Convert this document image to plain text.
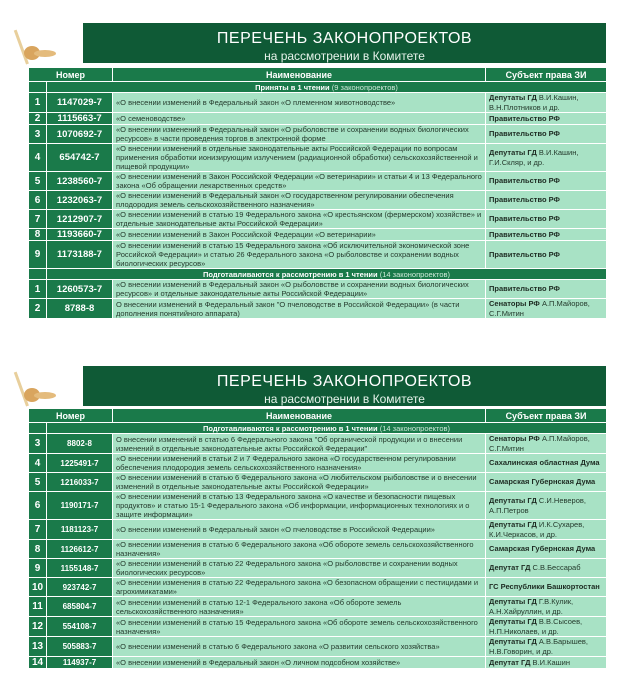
ПЕРЕЧЕНЬ ЗАКОНОПРОЕКТОВ
на рассмотрении в Комитете
Номер		Наименование	Субъект права ЗИ
	Приняты в 1 чтении (9 законопроектов)		
1	1147029-7	«О внесении изменений в Федеральный закон «О племенном животноводстве»	Депутаты ГД В.И.Кашин, В.Н.Плотников и др.
2	1115663-7	«О семеноводстве»	Правительство РФ
3	1070692-7	«О внесении изменений в Федеральный закон «О рыболовстве и сохранении водных биологических ресурсов» в части проведения торгов в электронной форме	Правительство РФ
4	654742-7	«О внесении изменений в отдельные законодательные акты Российской Федерации по вопросам применения обработки ионизирующим излучением (радиационной обработки) сельскохозяйственной и пищевой продукции»	Депутаты ГД В.И.Кашин, Г.И.Скляр, и др.
5	1238560-7	«О внесении изменений в Закон Российской Федерации «О ветеринарии» и статьи 4 и 13 Федерального закона «Об обращении лекарственных средств»	Правительство РФ
6	1232063-7	«О внесении изменений в Федеральный закон «О государственном регулировании обеспечения плодородия земель сельскохозяйственного назначения»	Правительство РФ
7	1212907-7	«О внесении изменений в статью 19 Федерального закона «О крестьянском (фермерском) хозяйстве» и отдельные законодательные акты Российской Федерации»	Правительство РФ
8	1193660-7	«О внесении изменений в Закон Российской Федерации «О ветеринарии»	Правительство РФ
9	1173188-7	«О внесении изменений в статью 15 Федерального закона «Об исключительной экономической зоне Российской Федерации» и статью 26 Федерального закона «О рыболовстве и сохранении водных биологических ресурсов»	Правительство РФ
	Подготавливаются к рассмотрению в 1 чтении (14 законопроектов)		
1	1260573-7	«О внесении изменений в Федеральный закон «О рыболовстве и сохранении водных биологических ресурсов» и отдельные законодательные акты Российской Федерации»	Правительство РФ
2	8788-8	О внесении изменений в Федеральный закон "О пчеловодстве в Российской Федерации» (в части дополнения понятийного аппарата)	Сенаторы РФ А.П.Майоров, С.Г.Митин
ПЕРЕЧЕНЬ ЗАКОНОПРОЕКТОВ
на рассмотрении в Комитете
Номер		Наименование	Субъект права ЗИ
	Подготавливаются к рассмотрению в 1 чтении (14 законопроектов)		
3	8802-8	О внесении изменений в статью 6 Федерального закона "Об органической продукции и о внесении изменений в отдельные законодательные акты Российской Федерации"	Сенаторы РФ А.П.Майоров, С.Г.Митин
4	1225491-7	«О внесении изменений в статьи 2 и 7 Федерального закона «О государственном регулировании обеспечения плодородия земель сельскохозяйственного назначения»	Сахалинская областная Дума
5	1216033-7	«О внесении изменений в статью 6 Федерального закона «О любительском рыболовстве и о внесении изменений в отдельные законодательные акты Российской Федерации»	Самарская Губернская Дума
6	1190171-7	«О внесении изменений в статью 13 Федерального закона «О качестве и безопасности пищевых продуктов» и статью 15-1 Федерального закона «Об информации, информационных технологиях и о защите информации»	Депутаты ГД С.И.Неверов, А.П.Петров
7	1181123-7	«О внесении изменений в Федеральный закон «О пчеловодстве в Российской Федерации»	Депутаты ГД И.К.Сухарев, К.И.Черкасов, и др.
8	1126612-7	«О внесении изменения в статью 6 Федерального закона «Об обороте земель сельскохозяйственного назначения»	Самарская Губернская Дума
9	1155148-7	«О внесении изменений в статью 22 Федерального закона «О рыболовстве и сохранении водных биологических ресурсов»	Депутат ГД С.В.Бессараб
10	923742-7	«О внесении изменения в статью 22 Федерального закона «О безопасном обращении с пестицидами и агрохимикатами»	ГС Республики Башкортостан
11	685804-7	«О внесении изменений в статью 12-1 Федерального закона «Об обороте земель сельскохозяйственного назначения»	Депутаты ГД Г.В.Кулик, А.Н.Хайруллин, и др.
12	554108-7	«О внесении изменений в статью 15 Федерального закона «Об обороте земель сельскохозяйственного назначения»	Депутаты ГД В.В.Сысоев, Н.П.Николаев, и др.
13	505883-7	«О внесении изменений в статью 6 Федерального закона «О развитии сельского хозяйства»	Депутаты ГД А.В.Барышев, Н.В.Говорин, и др.
14	114937-7	«О внесении изменений в Федеральный закон «О личном подсобном хозяйстве»	Депутат ГД В.И.Кашин
